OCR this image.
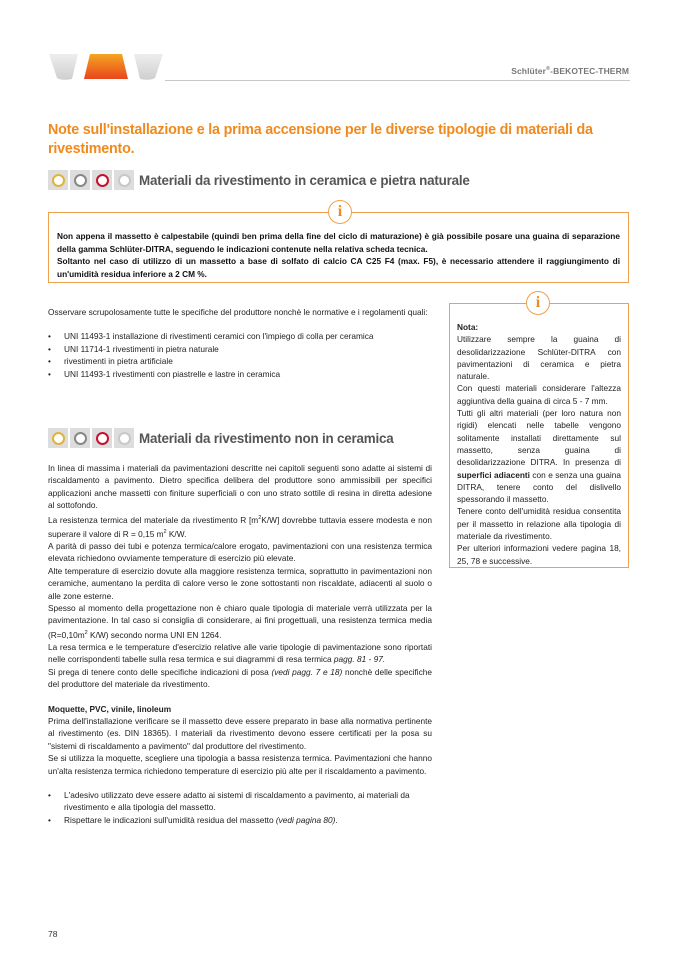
Schlüter®-BEKOTEC-THERM
Note sull'installazione e la prima accensione per le diverse tipologie di materiali da rivestimento.
Materiali da rivestimento in ceramica e pietra naturale
Non appena il massetto è calpestabile (quindi ben prima della fine del ciclo di maturazione) è già possibile posare una guaina di separazione della gamma Schlüter-DITRA, seguendo le indicazioni contenute nella relativa scheda tecnica.
Soltanto nel caso di utilizzo di un massetto a base di solfato di calcio CA C25 F4 (max. F5), è necessario attendere il raggiungimento di un'umidità residua inferiore a 2 CM %.
i

Osservare scrupolosamente tutte le specifiche del produttore nonchè le normative e i regolamenti quali:

• UNI 11493-1 installazione di rivestimenti ceramici con l'impiego di colla per ceramica
• UNI 11714-1 rivestimenti in pietra naturale
• rivestimenti in pietra artificiale
• UNI 11493-1 rivestimenti con piastrelle e lastre in ceramica
Materiali da rivestimento non in ceramica

In linea di massima i materiali da pavimentazioni descritte nei capitoli seguenti sono adatte ai sistemi di riscaldamento a pavimento. Dietro specifica delibera del produttore sono ammissibili per specifici applicazioni anche massetti con finiture superficiali o con uno strato sottile di resina in diretta adesione al sottofondo.

La resistenza termica del materiale da rivestimento R $[m^2K/W]$ dovrebbe tuttavia essere modesta e non superare il valore di R = 0,15 $m^2$ K/W.

A parità di passo dei tubi e potenza termica/calore erogato, pavimentazioni con una resistenza termica elevata richiedono ovviamente temperature di esercizio più elevate.

Alte temperature di esercizio dovute alla maggiore resistenza termica, soprattutto in pavimentazioni non ceramiche, aumentano la perdita di calore verso le zone sottostanti non riscaldate, adiacenti al suolo o alle zone esterne.

Spesso al momento della progettazione non è chiaro quale tipologia di materiale verrà utilizzata per la pavimentazione. In tal caso si consiglia di considerare, ai fini progettuali, una resistenza termica media ($R=0,10m^2$ K/W) secondo norma UNI EN 1264.

La resa termica e le temperature d'esercizio relative alle varie tipologie di pavimentazione sono riportati nelle corrispondenti tabelle sulla resa termica e sui diagrammi di resa termica pagg. 81 - 97.

Si prega di tenere conto delle specifiche indicazioni di posa (vedi pagg. 7 e 18) nonchè delle specifiche del produttore del materiale da rivestimento.

Moquette, PVC, vinile, linoleum

Prima dell'installazione verificare se il massetto deve essere preparato in base alla normativa pertinente al rivestimento (es. DIN 18365). I materiali da rivestimento devono essere certificati per la posa su "sistemi di riscaldamento a pavimento" dal produttore del rivestimento.

Se si utilizza la moquette, scegliere una tipologia a bassa resistenza termica. Pavimentazioni che hanno un'alta resistenza termica richiedono temperature di esercizio più alte per il riscaldamento a pavimento.

• L'adesivo utilizzato deve essere adatto ai sistemi di riscaldamento a pavimento, ai materiali da rivestimento e alla tipologia del massetto.
• Rispettare le indicazioni sull'umidità residua del massetto (vedi pagina 80).

Nota:

Utilizzare sempre la guaina di desolidarizzazione Schlüter-DITRA con pavimentazioni di ceramica e pietra naturale.

Con questi materiali considerare l'altezza aggiuntiva della guaina di circa 5 - 7 mm.

Tutti gli altri materiali (per loro natura non rigidi) elencati nelle tabelle vengono solitamente installati direttamente sul massetto, senza guaina di desolidarizzazione DITRA. In presenza di superfici adiacenti con e senza una guaina DITRA, tenere conto del dislivello spessorando il massetto.

Tenere conto dell'umidità residua consentita per il massetto in relazione alla tipologia di materiale da rivestimento.

Per ulteriori informazioni vedere pagina 18, 25, 78 e successive.

i
78
